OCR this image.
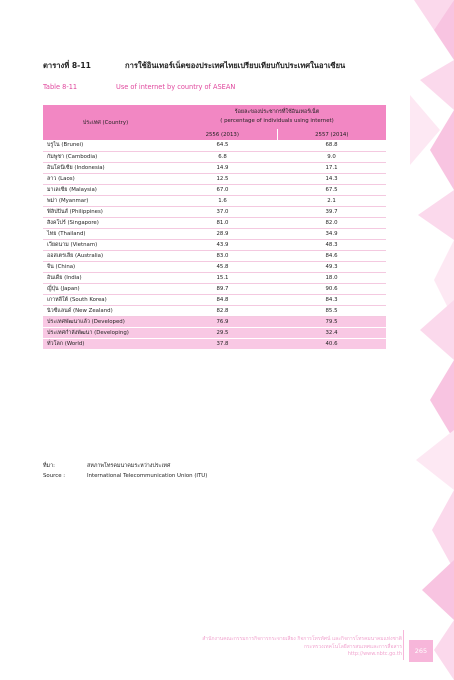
ตารางที่ 8-11	การใช้อินเทอร์เน็ตของประเทศไทยเปรียบเทียบกับประเทศในอาเซียน
Table 8-11	Use of internet by country of ASEAN
ประเทศ (Country)	ร้อยละของประชากรที่ใช้อินเทอร์เน็ต
( percentage of individuals using internet)	

	2556 (2013)	2557 (2014)
บรูไน (Brunei)	64.5	68.8
กัมพูชา (Cambodia)	6.8	9.0
อินโดนีเซีย (Indonesia)	14.9	17.1
ลาว (Laos)	12.5	14.3
มาเลเซีย (Malaysia)	67.0	67.5
พม่า (Myanmar)	1.6	2.1
ฟิลิปปินส์ (Philippines)	37.0	39.7
สิงคโปร์ (Singapore)	81.0	82.0
ไทย (Thailand)	28.9	34.9
เวียดนาม (Vietnam)	43.9	48.3
ออสเตรเลีย (Australia)	83.0	84.6
จีน (China)	45.8	49.3
อินเดีย (India)	15.1	18.0
ญี่ปุ่น (Japan)	89.7	90.6
เกาหลีใต้ (South Korea)	84.8	84.3
นิวซีแลนด์ (New Zealand)	82.8	85.5
ประเทศพัฒนาแล้ว (Developed)	76.9	79.5
ประเทศกำลังพัฒนา (Developing)	29.5	32.4
ทั่วโลก (World)	37.8	40.6
ที่มา:	สหภาพโทรคมนาคมระหว่างประเทศ
Source :	International Telecommunication Union (ITU)
สำนักงานคณะกรรมการกิจการกระจายเสียง กิจการโทรทัศน์ และกิจการโทรคมนาคมแห่งชาติ
กระทรวงเทคโนโลยีสารสนเทศและการสื่อสาร
http://www.nbtc.go.th	265
